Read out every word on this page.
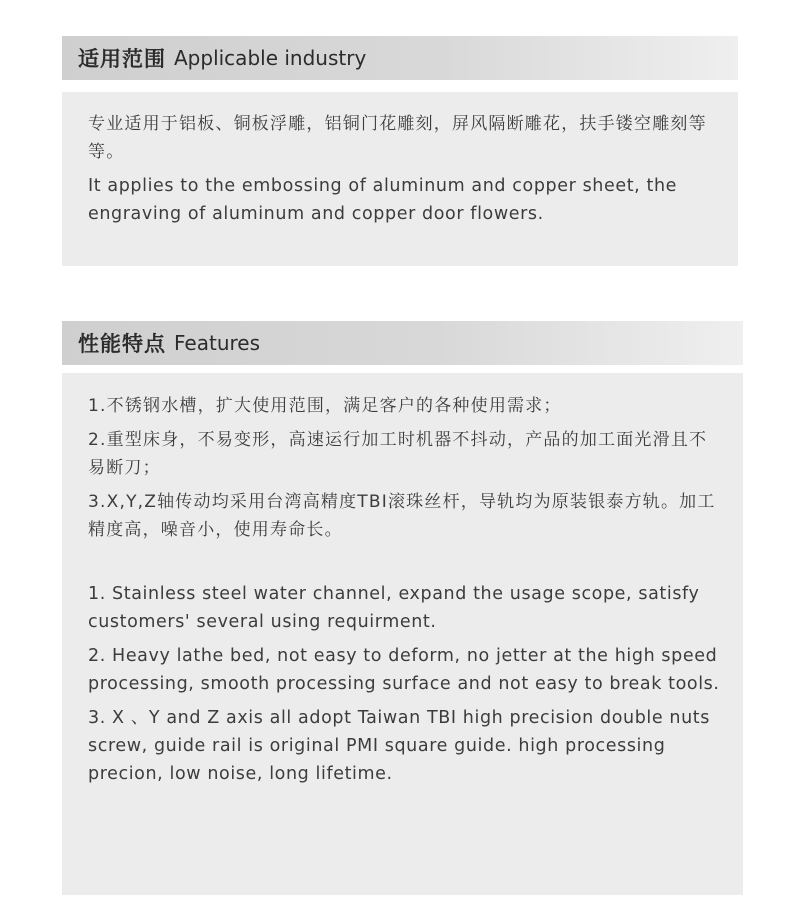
适用范围 Applicable industry

专业适用于铝板、铜板浮雕，铝铜门花雕刻，屏风隔断雕花，扶手镂空雕刻等等。

It applies to the embossing of aluminum and copper sheet, the engraving of aluminum and copper door flowers.

性能特点 Features

1.不锈钢水槽，扩大使用范围，满足客户的各种使用需求；

2.重型床身，不易变形，高速运行加工时机器不抖动，产品的加工面光滑且不易断刀；

3.X,Y,Z轴传动均采用台湾高精度TBI滚珠丝杆，导轨均为原装银泰方轨。加工精度高，噪音小，使用寿命长。

1. Stainless steel water channel, expand the usage scope, satisfy customers' several using requirment.

2. Heavy lathe bed, not easy to deform, no jetter at the high speed processing, smooth processing surface and not easy to break tools.

3. X 、Y and Z axis all adopt Taiwan TBI high precision double nuts screw, guide rail is original PMI square guide. high processing precion, low noise, long lifetime.
